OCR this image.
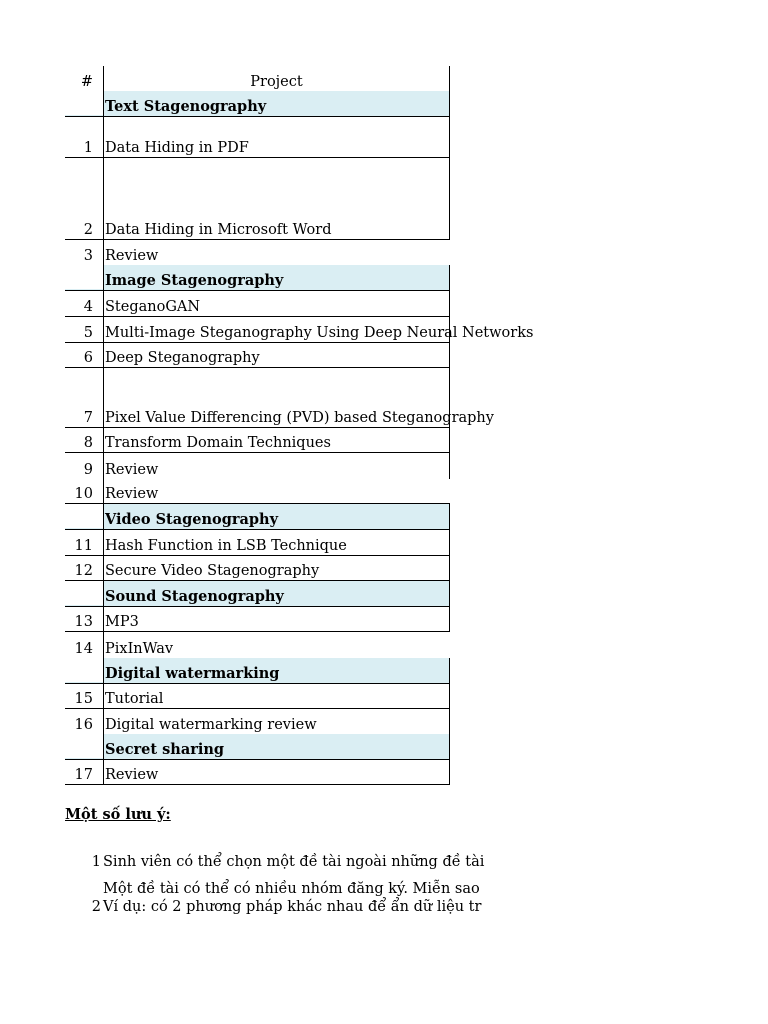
#	Project
Text Stagenography
1 Data Hiding in PDF
2 Data Hiding in Microsoft Word
3 Review
Image Stagenography
4 SteganoGAN
5 Multi-Image Steganography Using Deep Neural Networks
6 Deep Steganography
7 Pixel Value Differencing (PVD) based Steganography
8 Transform Domain Techniques
9 Review
10 Review
Video Stagenography
11 Hash Function in LSB Technique
12 Secure Video Stagenography
Sound Stagenography
13 MP3
14 PixInWav
Digital watermarking
15 Tutorial
16 Digital watermarking review
Secret sharing
17 Review
Một số lưu ý:
1 Sinh viên có thể chọn một đề tài ngoài những đề tài
Một đề tài có thể có nhiều nhóm đăng ký. Miễn sao
2 Ví dụ: có 2 phương pháp khác nhau để ẩn dữ liệu tr
